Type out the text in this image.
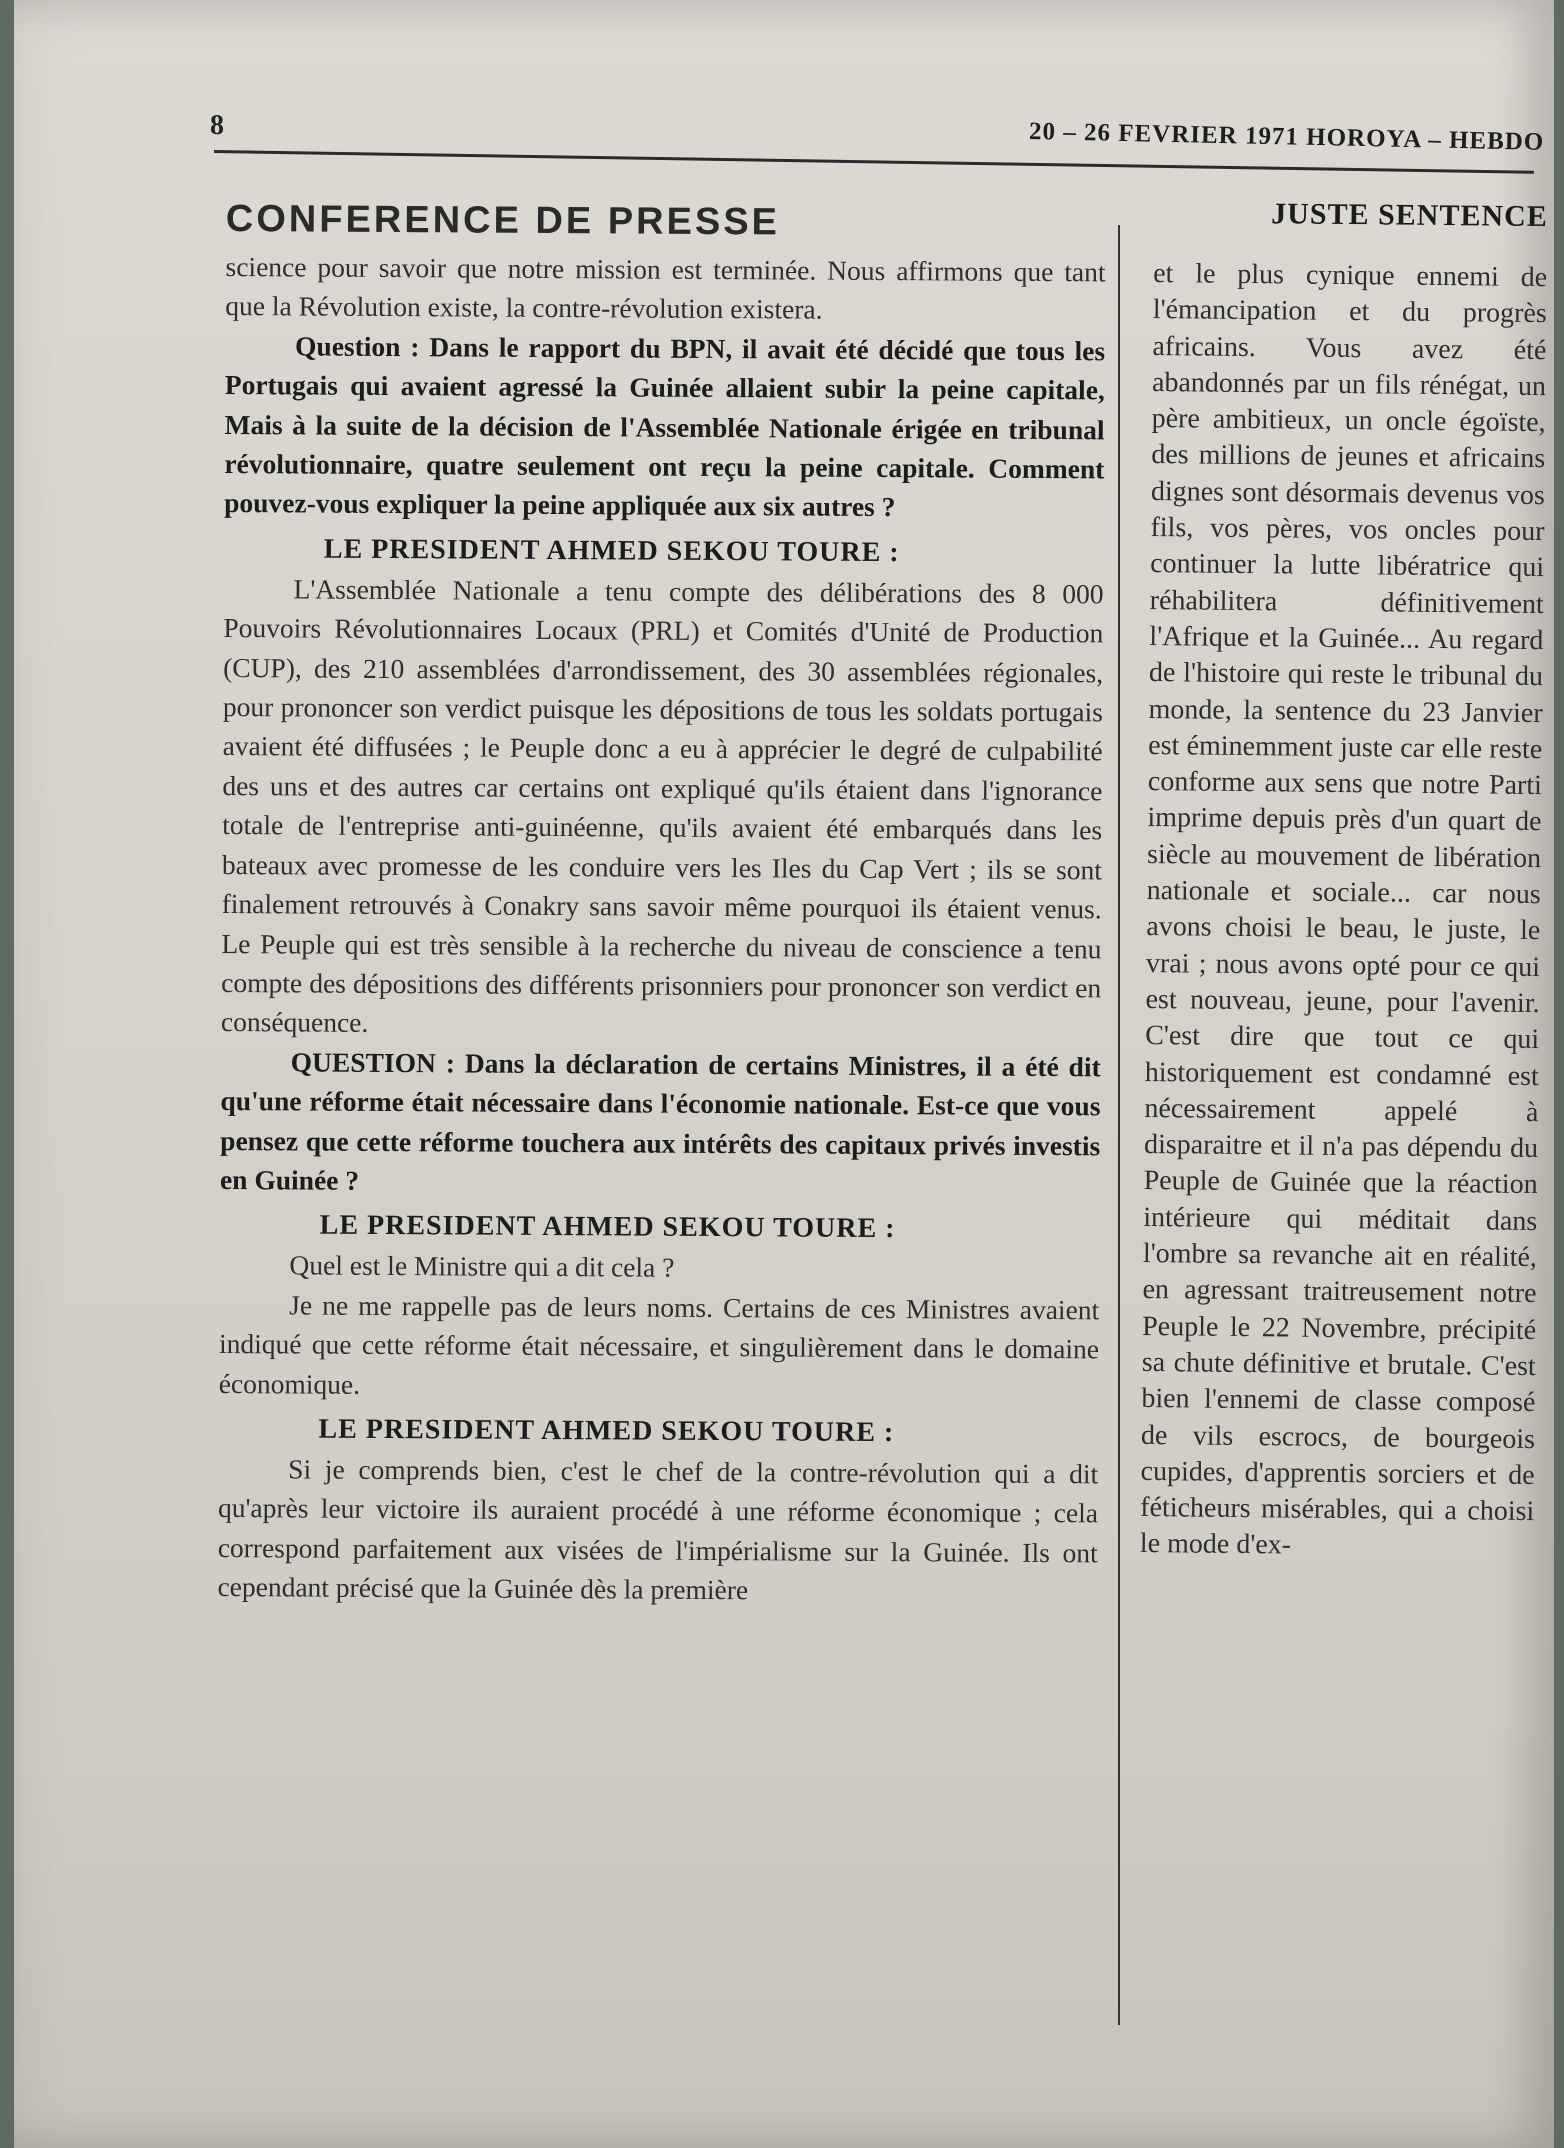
8	20 – 26 FEVRIER 1971 HOROYA – HEBDO
CONFERENCE DE PRESSE

science pour savoir que notre mission est terminée. Nous affirmons que tant que la Révolution existe, la contre-révolution existera.

Question : Dans le rapport du BPN, il avait été décidé que tous les Portugais qui avaient agressé la Guinée allaient subir la peine capitale, Mais à la suite de la décision de l'Assemblée Nationale érigée en tribunal révolutionnaire, quatre seulement ont reçu la peine capitale. Comment pouvez-vous expliquer la peine appliquée aux six autres ?

LE PRESIDENT AHMED SEKOU TOURE :

L'Assemblée Nationale a tenu compte des délibérations des 8 000 Pouvoirs Révolutionnaires Locaux (PRL) et Comités d'Unité de Production (CUP), des 210 assemblées d'arrondissement, des 30 assemblées régionales, pour prononcer son verdict puisque les dépositions de tous les soldats portugais avaient été diffusées ; le Peuple donc a eu à apprécier le degré de culpabilité des uns et des autres car certains ont expliqué qu'ils étaient dans l'ignorance totale de l'entreprise anti-guinéenne, qu'ils avaient été embarqués dans les bateaux avec promesse de les conduire vers les Iles du Cap Vert ; ils se sont finalement retrouvés à Conakry sans savoir même pourquoi ils étaient venus. Le Peuple qui est très sensible à la recherche du niveau de conscience a tenu compte des dépositions des différents prisonniers pour prononcer son verdict en conséquence.

QUESTION : Dans la déclaration de certains Ministres, il a été dit qu'une réforme était nécessaire dans l'économie nationale. Est-ce que vous pensez que cette réforme touchera aux intérêts des capitaux privés investis en Guinée ?

LE PRESIDENT AHMED SEKOU TOURE :

Quel est le Ministre qui a dit cela ?

Je ne me rappelle pas de leurs noms. Certains de ces Ministres avaient indiqué que cette réforme était nécessaire, et singulièrement dans le domaine économique.

LE PRESIDENT AHMED SEKOU TOURE :

Si je comprends bien, c'est le chef de la contre-révolution qui a dit qu'après leur victoire ils auraient procédé à une réforme économique ; cela correspond parfaitement aux visées de l'impérialisme sur la Guinée. Ils ont cependant précisé que la Guinée dès la première

JUSTE SENTENCE

et le plus cynique ennemi de l'émancipation et du progrès africains. Vous avez été abandonnés par un fils rénégat, un père ambitieux, un oncle égoïste, des millions de jeunes et africains dignes sont désormais devenus vos fils, vos pères, vos oncles pour continuer la lutte libératrice qui réhabilitera définitivement l'Afrique et la Guinée... Au regard de l'histoire qui reste le tribunal du monde, la sentence du 23 Janvier est éminemment juste car elle reste conforme aux sens que notre Parti imprime depuis près d'un quart de siècle au mouvement de libération nationale et sociale... car nous avons choisi le beau, le juste, le vrai ; nous avons opté pour ce qui est nouveau, jeune, pour l'avenir. C'est dire que tout ce qui historiquement est condamné est nécessairement appelé à disparaitre et il n'a pas dépendu du Peuple de Guinée que la réaction intérieure qui méditait dans l'ombre sa revanche ait en réalité, en agressant traitreusement notre Peuple le 22 Novembre, précipité sa chute définitive et brutale. C'est bien l'ennemi de classe composé de vils escrocs, de bourgeois cupides, d'apprentis sorciers et de féticheurs misérables, qui a choisi le mode d'ex-
